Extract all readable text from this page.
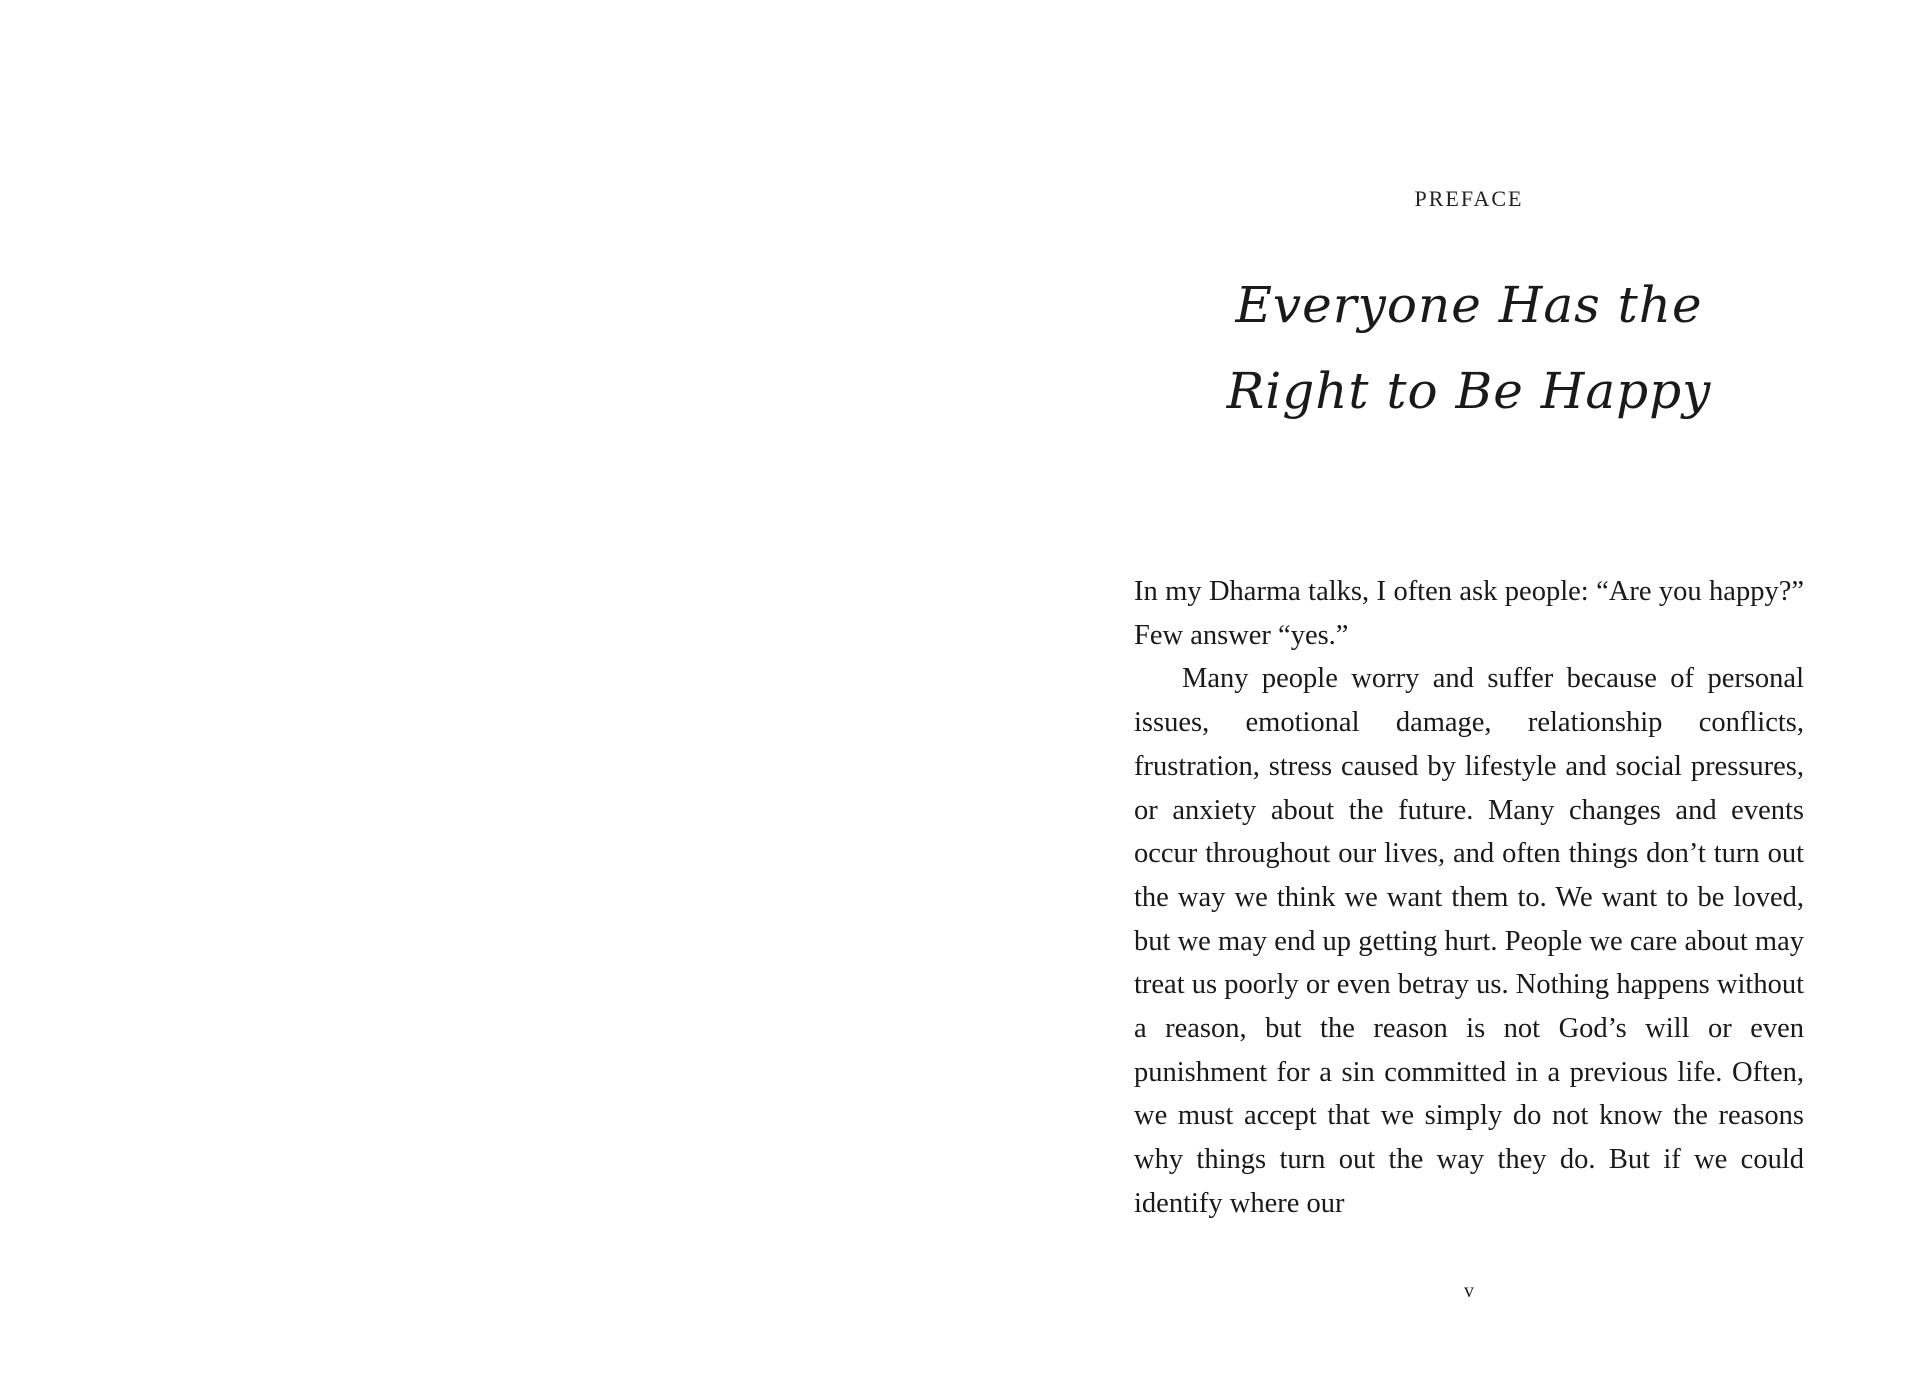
PREFACE
Everyone Has the
Right to Be Happy

In my Dharma talks, I often ask people: “Are you happy?” Few answer “yes.”

Many people worry and suffer because of personal issues, emotional damage, relationship conflicts, frustration, stress caused by lifestyle and social pressures, or anxiety about the future. Many changes and events occur throughout our lives, and often things don’t turn out the way we think we want them to. We want to be loved, but we may end up getting hurt. People we care about may treat us poorly or even betray us. Nothing happens without a reason, but the reason is not God’s will or even punishment for a sin committed in a previous life. Often, we must accept that we simply do not know the reasons why things turn out the way they do. But if we could identify where our

v
